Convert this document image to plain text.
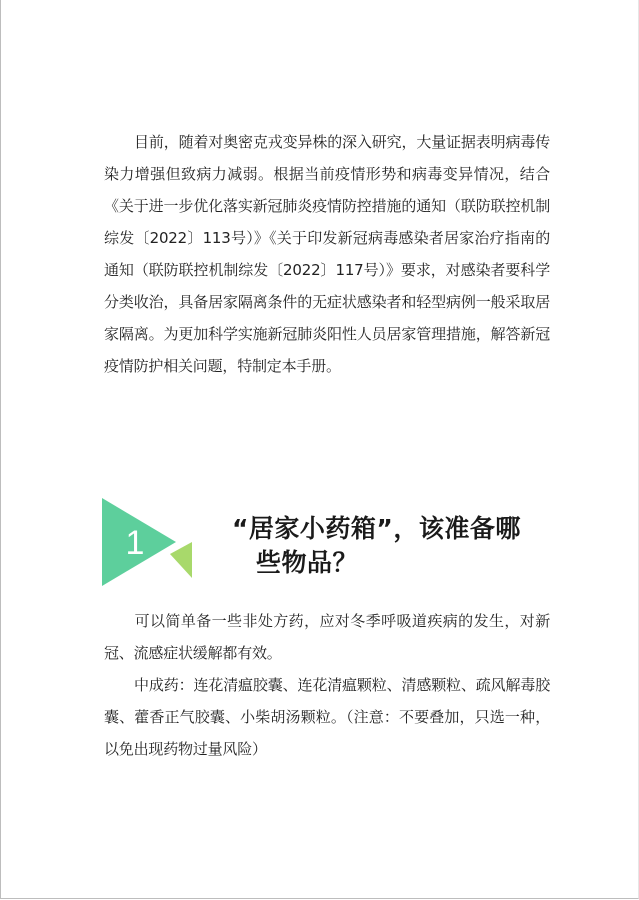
目前，随着对奥密克戎变异株的深入研究，大量证据表明病毒传染力增强但致病力减弱。根据当前疫情形势和病毒变异情况，结合《关于进一步优化落实新冠肺炎疫情防控措施的通知（联防联控机制综发〔2022〕113号）》《关于印发新冠病毒感染者居家治疗指南的通知（联防联控机制综发〔2022〕117号）》要求，对感染者要科学分类收治，具备居家隔离条件的无症状感染者和轻型病例一般采取居家隔离。为更加科学实施新冠肺炎阳性人员居家管理措施，解答新冠疫情防护相关问题，特制定本手册。

1	“居家小药箱”，该准备哪
些物品？

可以简单备一些非处方药，应对冬季呼吸道疾病的发生，对新冠、流感症状缓解都有效。

中成药：连花清瘟胶囊、连花清瘟颗粒、清感颗粒、疏风解毒胶囊、藿香正气胶囊、小柴胡汤颗粒。（注意：不要叠加，只选一种，以免出现药物过量风险）
